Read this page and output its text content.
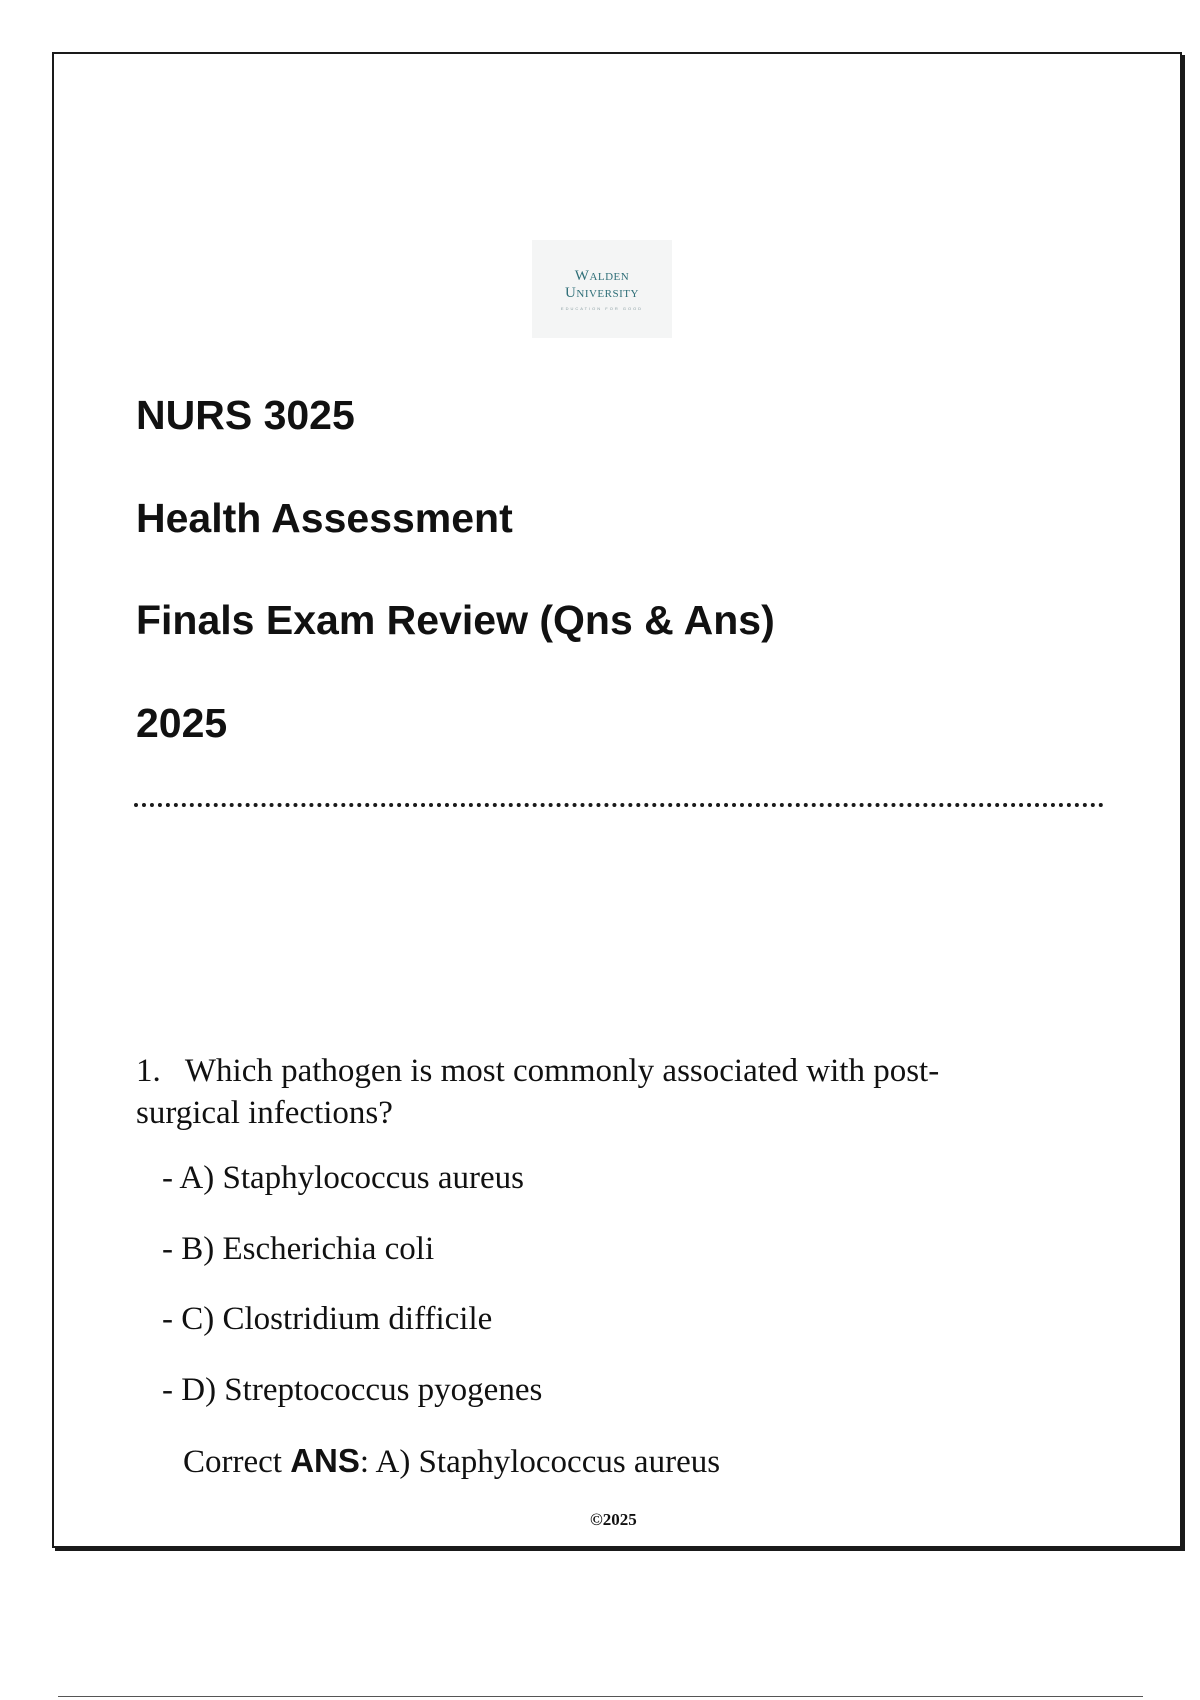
Walden
University
EDUCATION FOR GOOD
NURS 3025
Health Assessment
Finals Exam Review (Qns & Ans)
2025
1. Which pathogen is most commonly associated with post-surgical infections?
- A) Staphylococcus aureus
- B) Escherichia coli
- C) Clostridium difficile
- D) Streptococcus pyogenes
Correct ANS: A) Staphylococcus aureus
©2025
